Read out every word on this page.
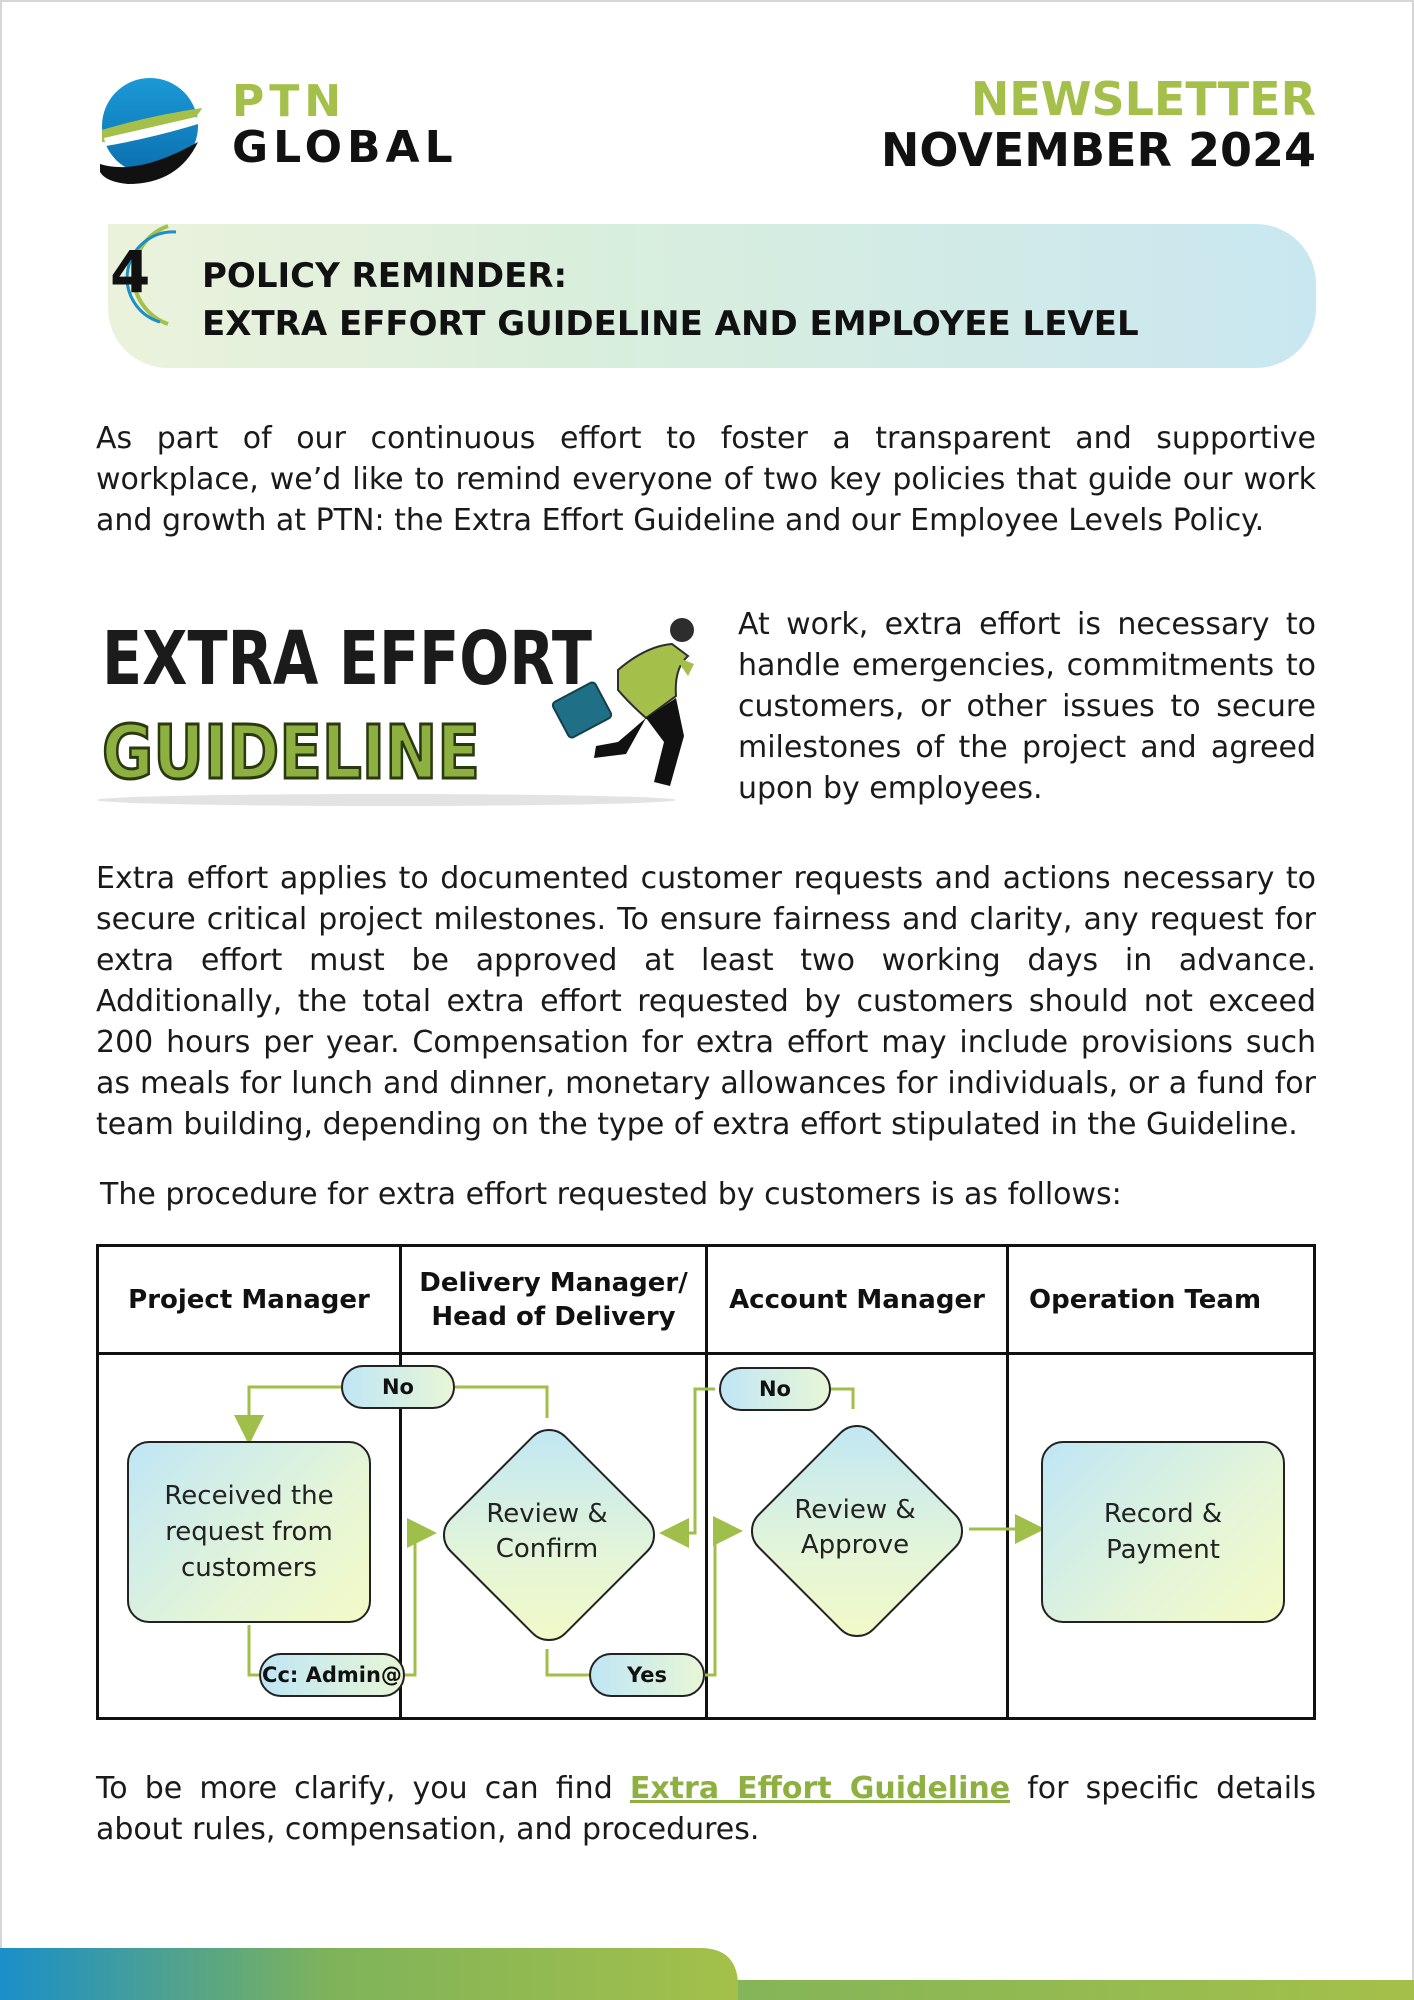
PTN
GLOBAL
NEWSLETTER
NOVEMBER 2024
4 POLICY REMINDER:
EXTRA EFFORT GUIDELINE AND EMPLOYEE LEVEL

As part of our continuous effort to foster a transparent and supportive workplace, we’d like to remind everyone of two key policies that guide our work and growth at PTN: the Extra Effort Guideline and our Employee Levels Policy.

EXTRA EFFORT
GUIDELINE

At work, extra effort is necessary to handle emergencies, commitments to customers, or other issues to secure milestones of the project and agreed upon by employees.

Extra effort applies to documented customer requests and actions necessary to secure critical project milestones. To ensure fairness and clarity, any request for extra effort must be approved at least two working days in advance. Additionally, the total extra effort requested by customers should not exceed 200 hours per year. Compensation for extra effort may include provisions such as meals for lunch and dinner, monetary allowances for individuals, or a fund for team building, depending on the type of extra effort stipulated in the Guideline.

The procedure for extra effort requested by customers is as follows:

Project Manager
Delivery Manager/
Head of Delivery
Account Manager	Operation Team
Received the
request from
customers
Review &
Confirm
Review &
Approve
Record &
Payment
No	No
Yes
Cc: Admin@

To be more clarify, you can find Extra Effort Guideline for specific details about rules, compensation, and procedures.
